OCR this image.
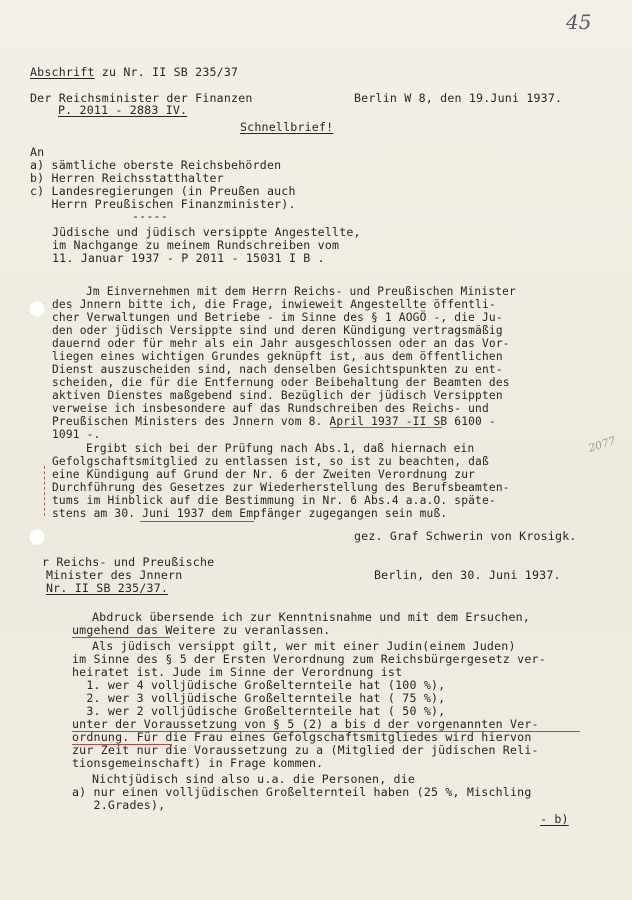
45
Abschrift zu Nr. II SB 235/37
Der Reichsminister der Finanzen
P. 2011 - 2883 IV.
Berlin W 8, den 19.Juni 1937.
Schnellbrief!
An
a) sämtliche oberste Reichsbehörden
b) Herren Reichsstatthalter
c) Landesregierungen (in Preußen auch
Herrn Preußischen Finanzminister).
-----
Jüdische und jüdisch versippte Angestellte,
im Nachgange zu meinem Rundschreiben vom
11. Januar 1937 - P 2011 - 15031 I B .
Jm Einvernehmen mit dem Herrn Reichs- und Preußischen Minister
des Jnnern bitte ich, die Frage, inwieweit Angestellte öffentli-
cher Verwaltungen und Betriebe - im Sinne des § 1 AOGÖ -, die Ju-
den oder jüdisch Versippte sind und deren Kündigung vertragsmäßig
dauernd oder für mehr als ein Jahr ausgeschlossen oder an das Vor-
liegen eines wichtigen Grundes geknüpft ist, aus dem öffentlichen
Dienst auszuscheiden sind, nach denselben Gesichtspunkten zu ent-
scheiden, die für die Entfernung oder Beibehaltung der Beamten des
aktiven Dienstes maßgebend sind. Bezüglich der jüdisch Versippten
verweise ich insbesondere auf das Rundschreiben des Reichs- und
Preußischen Ministers des Jnnern vom 8. April 1937 -II SB 6100 -
1091 -.
Ergibt sich bei der Prüfung nach Abs.1, daß hiernach ein
Gefolgschaftsmitglied zu entlassen ist, so ist zu beachten, daß
eine Kündigung auf Grund der Nr. 6 der Zweiten Verordnung zur
Durchführung des Gesetzes zur Wiederherstellung des Berufsbeamten-
tums im Hinblick auf die Bestimmung in Nr. 6 Abs.4 a.a.O. späte-
stens am 30. Juni 1937 dem Empfänger zugegangen sein muß.
2077
gez. Graf Schwerin von Krosigk.
r Reichs- und Preußische
Minister des Jnnern
Nr. II SB 235/37.
Berlin, den 30. Juni 1937.
Abdruck übersende ich zur Kenntnisnahme und mit dem Ersuchen,
umgehend das Weitere zu veranlassen.
Als jüdisch versippt gilt, wer mit einer Judin(einem Juden)
im Sinne des § 5 der Ersten Verordnung zum Reichsbürgergesetz ver-
heiratet ist. Jude im Sinne der Verordnung ist
1. wer 4 volljüdische Großelternteile hat (100 %),
2. wer 3 volljüdische Großelternteile hat ( 75 %),
3. wer 2 volljüdische Großelternteile hat ( 50 %),
unter der Voraussetzung von § 5 (2) a bis d der vorgenannten Ver-
ordnung. Für die Frau eines Gefolgschaftsmitgliedes wird hiervon
zur Zeit nur die Voraussetzung zu a (Mitglied der jüdischen Reli-
tionsgemeinschaft) in Frage kommen.
Nichtjüdisch sind also u.a. die Personen, die
a) nur einen volljüdischen Großelternteil haben (25 %, Mischling
2.Grades),
- b)
